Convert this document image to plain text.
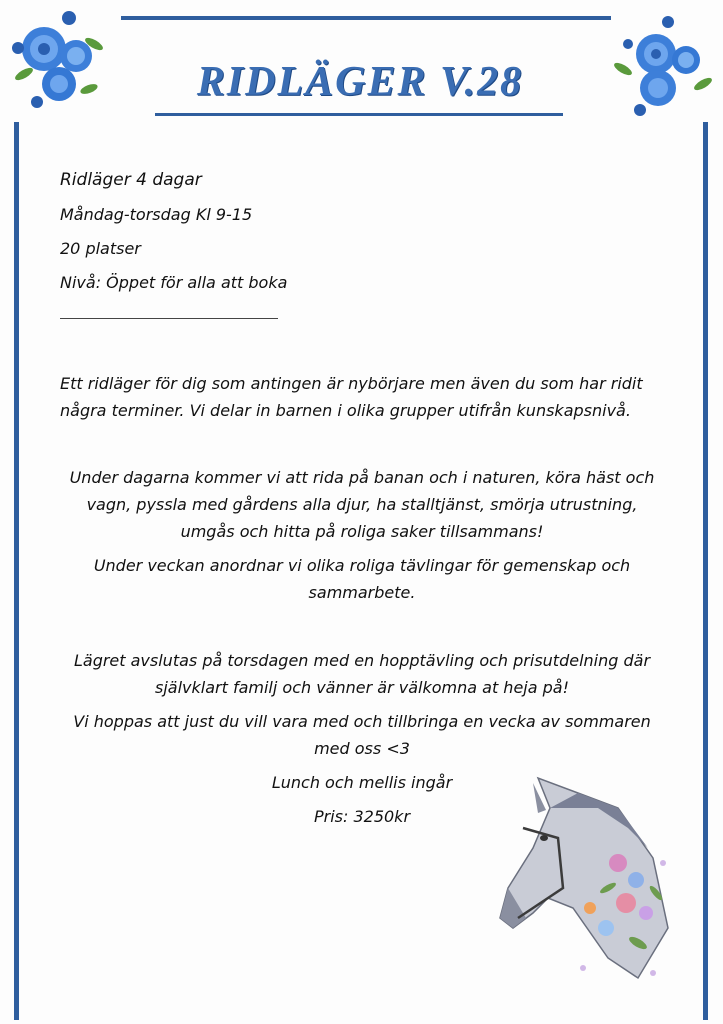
RIDLÄGER V.28
Ridläger 4 dagar
Måndag-torsdag Kl 9-15
20 platser
Nivå: Öppet för alla att boka
Ett ridläger för dig som antingen är nybörjare men även du som har ridit några terminer. Vi delar in barnen i olika grupper utifrån kunskapsnivå.
Under dagarna kommer vi att rida på banan och i naturen, köra häst och vagn, pyssla med gårdens alla djur, ha stalltjänst, smörja utrustning, umgås och hitta på roliga saker tillsammans!
Under veckan anordnar vi olika roliga tävlingar för gemenskap och sammarbete.
Lägret avslutas på torsdagen med en hopptävling och prisutdelning där självklart familj och vänner är välkomna at heja på!
Vi hoppas att just du vill vara med och tillbringa en vecka av sommaren med oss <3
Lunch och mellis ingår
Pris: 3250kr
